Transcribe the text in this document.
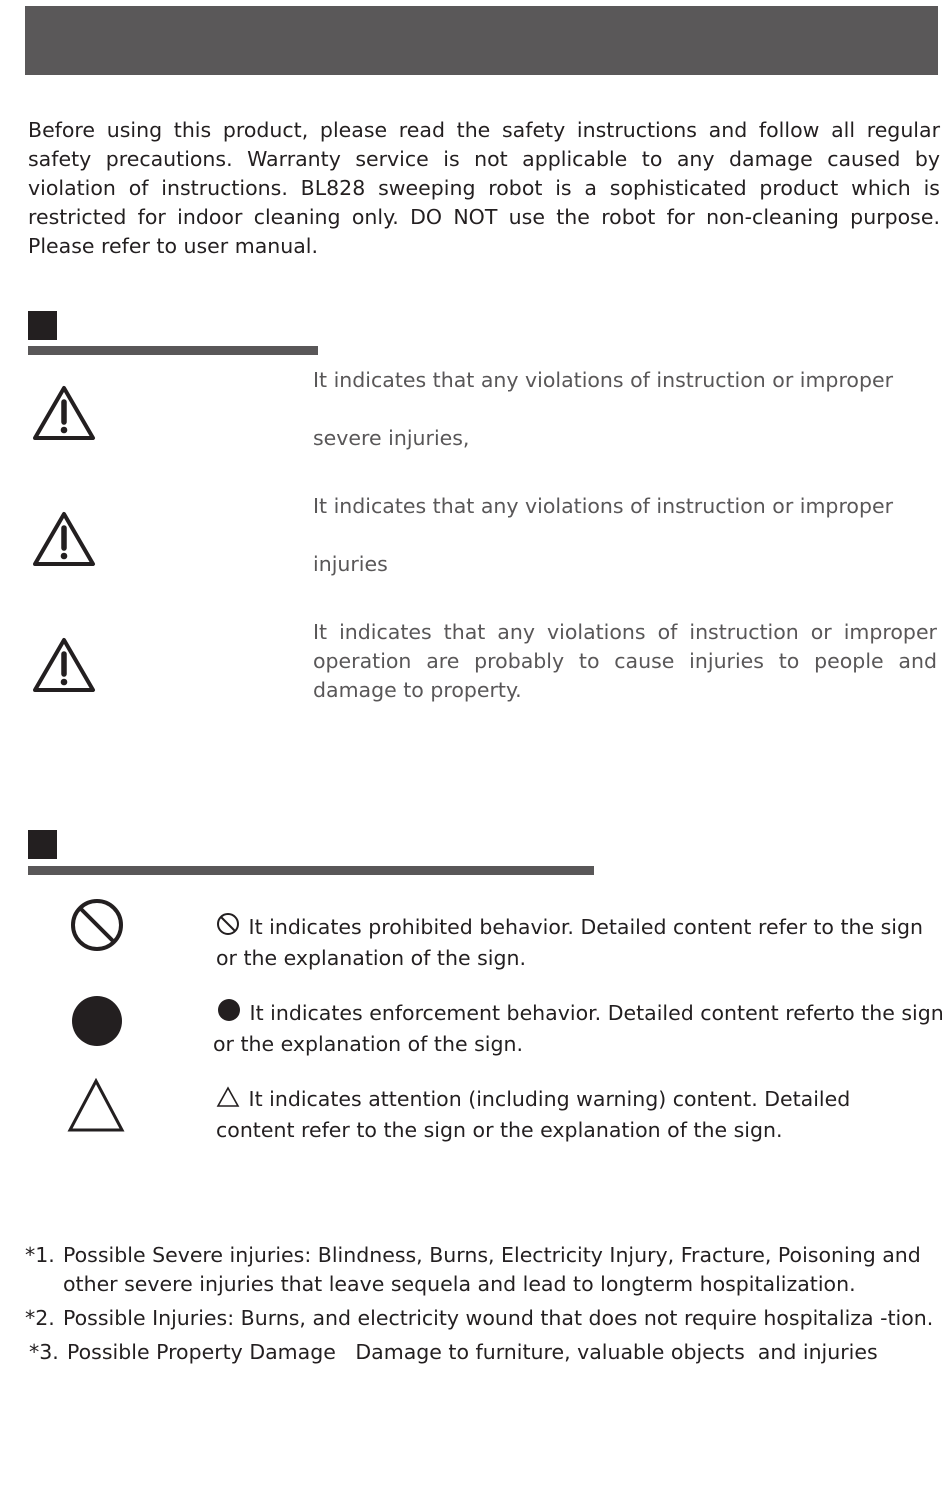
Before using this product, please read the safety instructions and follow all regular safety precautions. Warranty service is not applicable to any damage caused by violation of instructions. BL828 sweeping robot is a sophisticated product which is restricted for indoor cleaning only. DO NOT use the robot for non-cleaning purpose. Please refer to user manual.
It indicates that any violations of instruction or improper
severe injuries,
It indicates that any violations of instruction or improper
injuries
It indicates that any violations of instruction or improper operation are probably to cause injuries to people and damage to property.
It indicates prohibited behavior. Detailed content refer to the sign or the explanation of the sign.
It indicates enforcement behavior. Detailed content referto the sign or the explanation of the sign.
It indicates attention (including warning) content. Detailed content refer to the sign or the explanation of the sign.
*1. Possible Severe injuries: Blindness, Burns, Electricity Injury, Fracture, Poisoning and other severe injuries that leave sequela and lead to longterm hospitalization.
*2. Possible Injuries: Burns, and electricity wound that does not require hospitaliza -tion.
*3. Possible Property Damage   Damage to furniture, valuable objects  and injuries
